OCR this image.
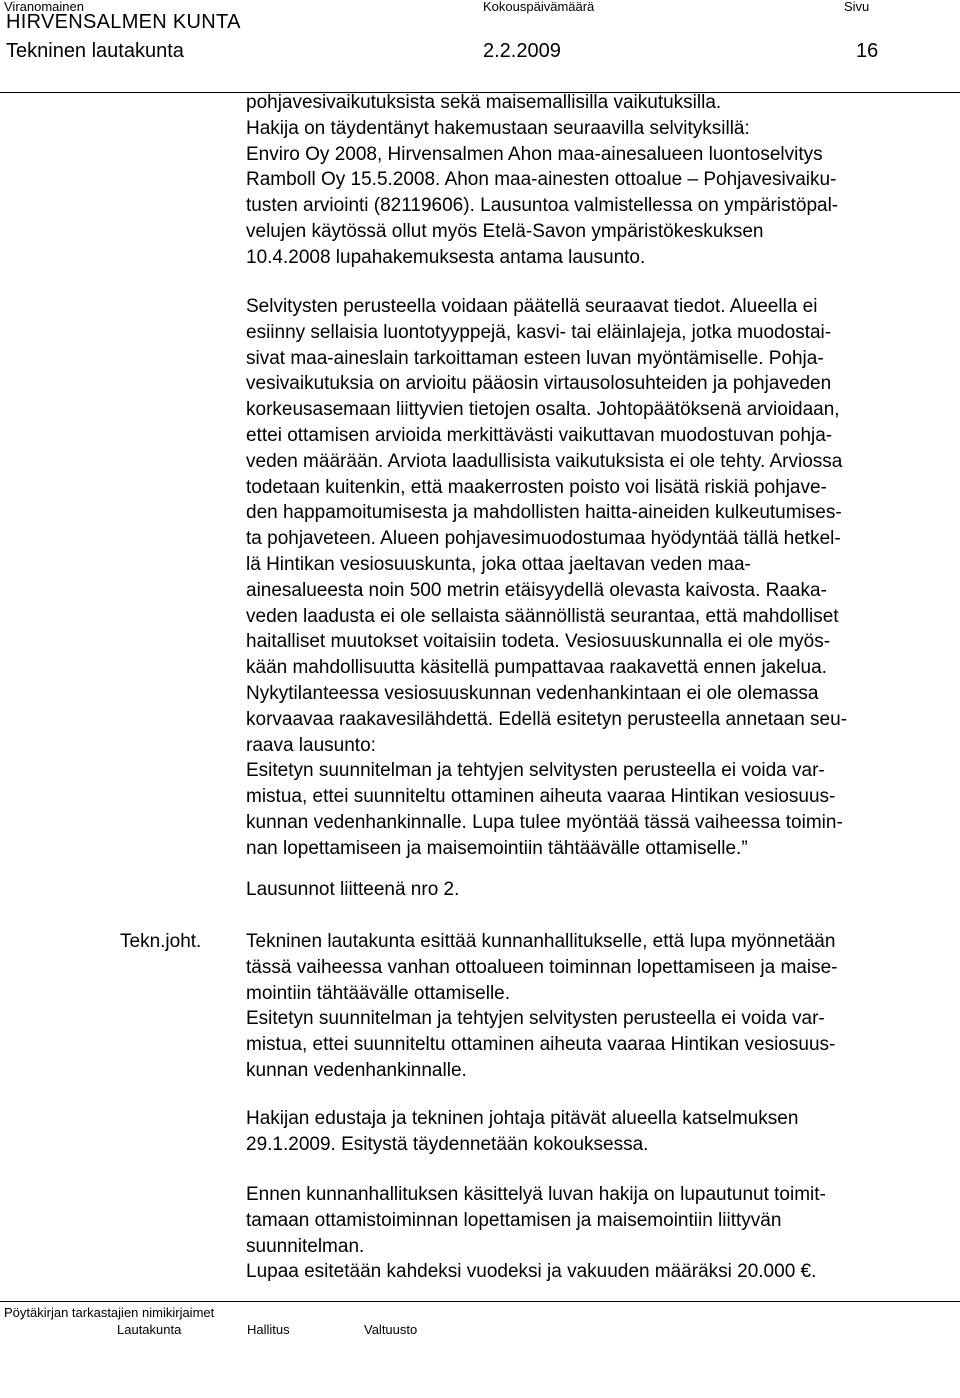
Viranomainen	Kokouspäivämäärä	Sivu
HIRVENSALMEN KUNTA
Tekninen lautakunta	2.2.2009	16
pohjavesivaikutuksista sekä maisemallisilla vaikutuksilla.
Hakija on täydentänyt hakemustaan seuraavilla selvityksillä:
Enviro Oy 2008, Hirvensalmen Ahon maa-ainesalueen luontoselvitys
Ramboll Oy 15.5.2008. Ahon maa-ainesten ottoalue – Pohjavesivaiku-
tusten arviointi (82119606). Lausuntoa valmistellessa on ympäristöpal-
velujen käytössä ollut myös Etelä-Savon ympäristökeskuksen
10.4.2008 lupahakemuksesta antama lausunto.
Selvitysten perusteella voidaan päätellä seuraavat tiedot. Alueella ei
esiinny sellaisia luontotyyppejä, kasvi- tai eläinlajeja, jotka muodostai-
sivat maa-aineslain tarkoittaman esteen luvan myöntämiselle. Pohja-
vesivaikutuksia on arvioitu pääosin virtausolosuhteiden ja pohjaveden
korkeusasemaan liittyvien tietojen osalta. Johtopäätöksenä arvioidaan,
ettei ottamisen arvioida merkittävästi vaikuttavan muodostuvan pohja-
veden määrään. Arviota laadullisista vaikutuksista ei ole tehty. Arviossa
todetaan kuitenkin, että maakerrosten poisto voi lisätä riskiä pohjave-
den happamoitumisesta ja mahdollisten haitta-aineiden kulkeutumises-
ta pohjaveteen. Alueen pohjavesimuodostumaa hyödyntää tällä hetkel-
lä Hintikan vesiosuuskunta, joka ottaa jaeltavan veden maa-
ainesalueesta noin 500 metrin etäisyydellä olevasta kaivosta. Raaka-
veden laadusta ei ole sellaista säännöllistä seurantaa, että mahdolliset
haitalliset muutokset voitaisiin todeta. Vesiosuuskunnalla ei ole myös-
kään mahdollisuutta käsitellä pumpattavaa raakavettä ennen jakelua.
Nykytilanteessa vesiosuuskunnan vedenhankintaan ei ole olemassa
korvaavaa raakavesilähdettä. Edellä esitetyn perusteella annetaan seu-
raava lausunto:
Esitetyn suunnitelman ja tehtyjen selvitysten perusteella ei voida var-
mistua, ettei suunniteltu ottaminen aiheuta vaaraa Hintikan vesiosuus-
kunnan vedenhankinnalle. Lupa tulee myöntää tässä vaiheessa toimin-
nan lopettamiseen ja maisemointiin tähtäävälle ottamiselle.”
Lausunnot liitteenä nro 2.
Tekn.joht. Tekninen lautakunta esittää kunnanhallitukselle, että lupa myönnetään
tässä vaiheessa vanhan ottoalueen toiminnan lopettamiseen ja maise-
mointiin tähtäävälle ottamiselle.
Esitetyn suunnitelman ja tehtyjen selvitysten perusteella ei voida var-
mistua, ettei suunniteltu ottaminen aiheuta vaaraa Hintikan vesiosuus-
kunnan vedenhankinnalle.
Hakijan edustaja ja tekninen johtaja pitävät alueella katselmuksen
29.1.2009. Esitystä täydennetään kokouksessa.
Ennen kunnanhallituksen käsittelyä luvan hakija on lupautunut toimit-
tamaan ottamistoiminnan lopettamisen ja maisemointiin liittyvän
suunnitelman.
Lupaa esitetään kahdeksi vuodeksi ja vakuuden määräksi 20.000 €.
Pöytäkirjan tarkastajien nimikirjaimet
Lautakunta	Hallitus	Valtuusto
